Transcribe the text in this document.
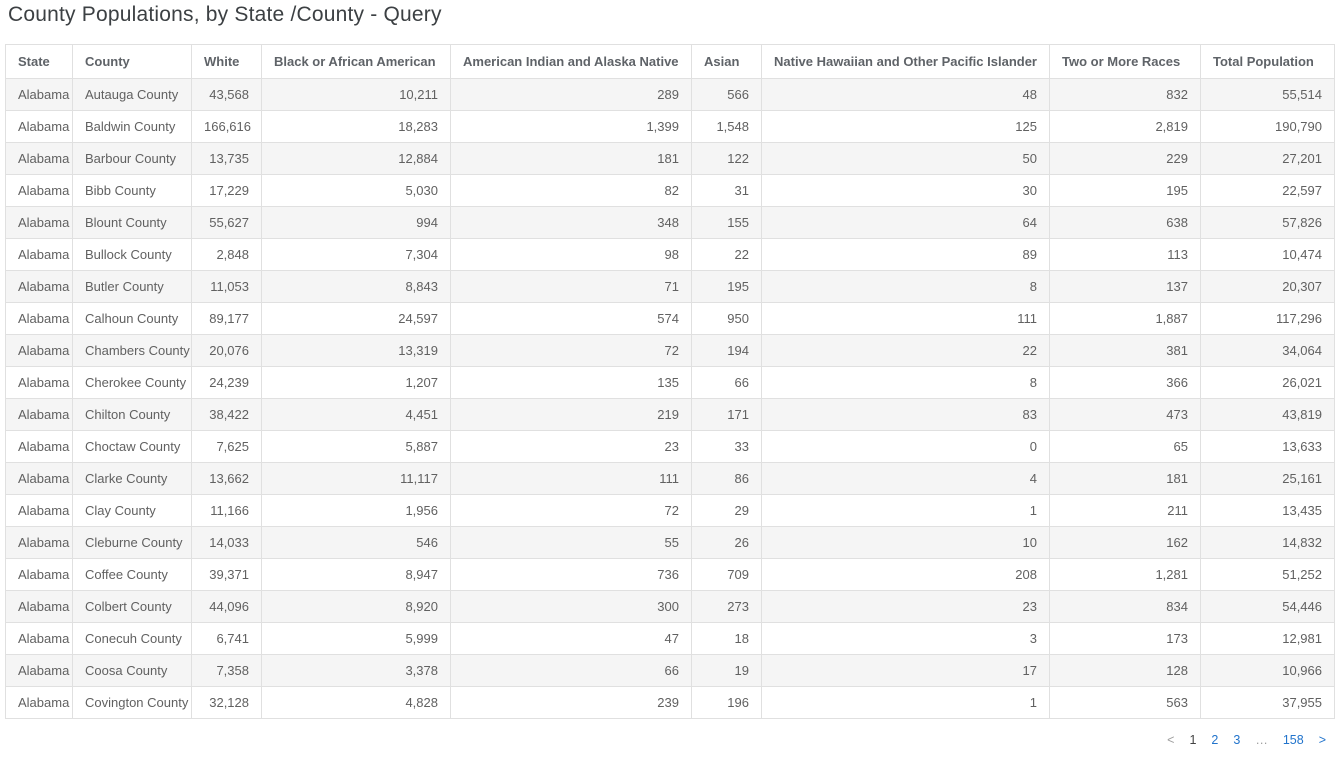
County Populations, by State /County - Query
State	County	White	Black or African American	American Indian and Alaska Native	Asian	Native Hawaiian and Other Pacific Islander	Two or More Races	Total Population
Alabama	Autauga County	43,568	10,211	289	566	48	832	55,514
Alabama	Baldwin County	166,616	18,283	1,399	1,548	125	2,819	190,790
Alabama	Barbour County	13,735	12,884	181	122	50	229	27,201
Alabama	Bibb County	17,229	5,030	82	31	30	195	22,597
Alabama	Blount County	55,627	994	348	155	64	638	57,826
Alabama	Bullock County	2,848	7,304	98	22	89	113	10,474
Alabama	Butler County	11,053	8,843	71	195	8	137	20,307
Alabama	Calhoun County	89,177	24,597	574	950	111	1,887	117,296
Alabama	Chambers County	20,076	13,319	72	194	22	381	34,064
Alabama	Cherokee County	24,239	1,207	135	66	8	366	26,021
Alabama	Chilton County	38,422	4,451	219	171	83	473	43,819
Alabama	Choctaw County	7,625	5,887	23	33	0	65	13,633
Alabama	Clarke County	13,662	11,117	111	86	4	181	25,161
Alabama	Clay County	11,166	1,956	72	29	1	211	13,435
Alabama	Cleburne County	14,033	546	55	26	10	162	14,832
Alabama	Coffee County	39,371	8,947	736	709	208	1,281	51,252
Alabama	Colbert County	44,096	8,920	300	273	23	834	54,446
Alabama	Conecuh County	6,741	5,999	47	18	3	173	12,981
Alabama	Coosa County	7,358	3,378	66	19	17	128	10,966
Alabama	Covington County	32,128	4,828	239	196	1	563	37,955
< 1 2 3 … 158 >
